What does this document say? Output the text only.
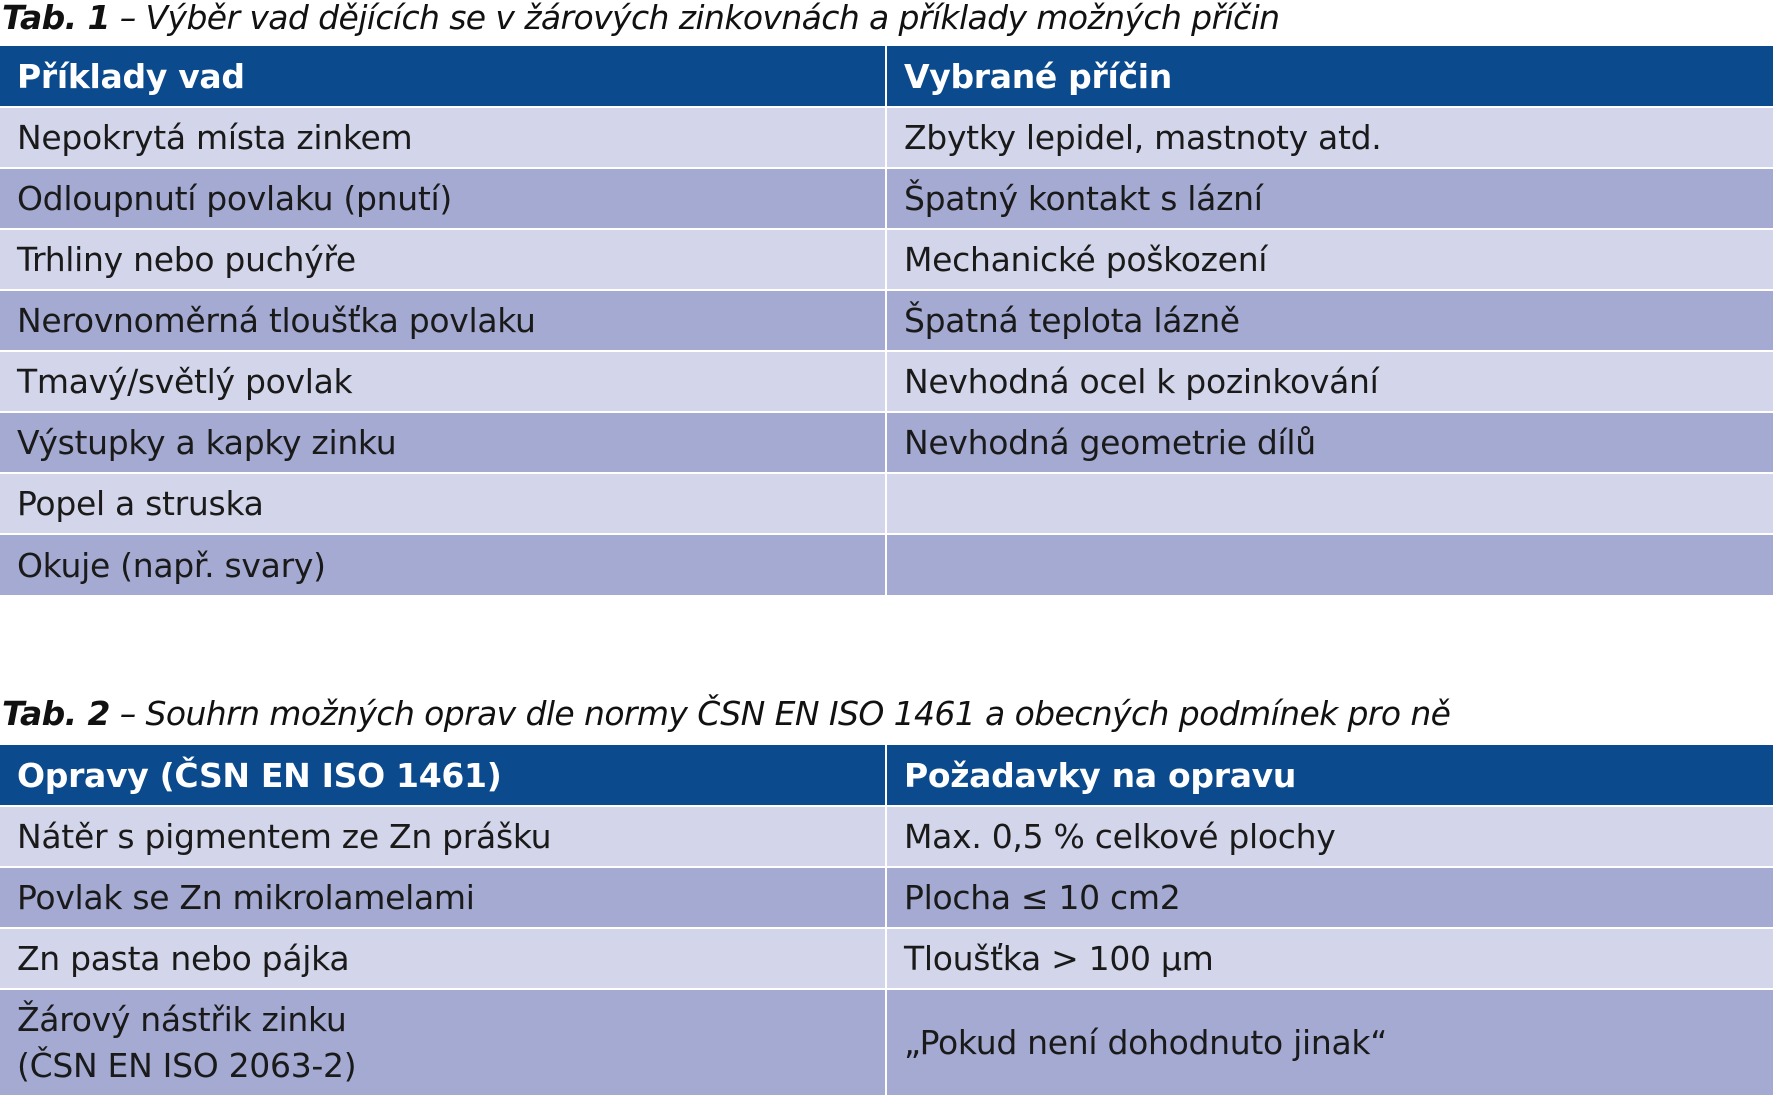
Tab. 1 – Výběr vad dějících se v žárových zinkovnách a příklady možných příčin
Příklady vad	Vybrané příčin
Nepokrytá místa zinkem	Zbytky lepidel, mastnoty atd.
Odloupnutí povlaku (pnutí)	Špatný kontakt s lázní
Trhliny nebo puchýře	Mechanické poškození
Nerovnoměrná tloušťka povlaku	Špatná teplota lázně
Tmavý/světlý povlak	Nevhodná ocel k pozinkování
Výstupky a kapky zinku	Nevhodná geometrie dílů
Popel a struska	
Okuje (např. svary)	
Tab. 2 – Souhrn možných oprav dle normy ČSN EN ISO 1461 a obecných podmínek pro ně
Opravy (ČSN EN ISO 1461)	Požadavky na opravu
Nátěr s pigmentem ze Zn prášku	Max. 0,5 % celkové plochy
Povlak se Zn mikrolamelami	Plocha ≤ 10 cm2
Zn pasta nebo pájka	Tloušťka > 100 µm
Žárový nástřik zinku
(ČSN EN ISO 2063-2)	„Pokud není dohodnuto jinak“
